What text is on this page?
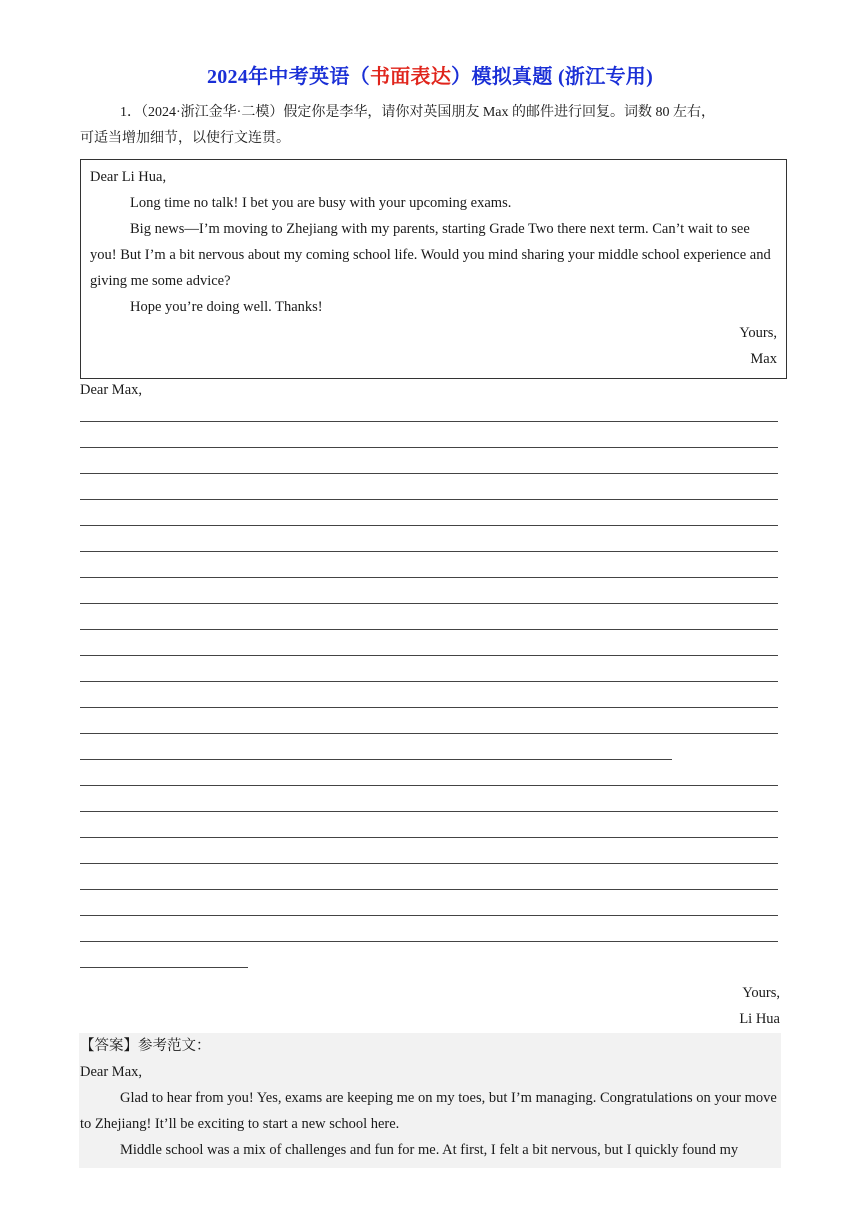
2024年中考英语（书面表达）模拟真题 (浙江专用)
1．（2024·浙江金华·二模）假定你是李华，请你对英国朋友 Max 的邮件进行回复。词数 80 左右，
可适当增加细节，以使行文连贯。

Dear Li Hua,

Long time no talk! I bet you are busy with your upcoming exams.

Big news—I’m moving to Zhejiang with my parents, starting Grade Two there next term. Can’t wait to see you! But I’m a bit nervous about my coming school life. Would you mind sharing your middle school experience and giving me some advice?

Hope you’re doing well. Thanks!

Yours,

Max

Dear Max,
Yours,
Li Hua

【答案】参考范文：

Dear Max,

Glad to hear from you! Yes, exams are keeping me on my toes, but I’m managing. Congratulations on your move to Zhejiang! It’ll be exciting to start a new school here.

Middle school was a mix of challenges and fun for me. At first, I felt a bit nervous, but I quickly found my
